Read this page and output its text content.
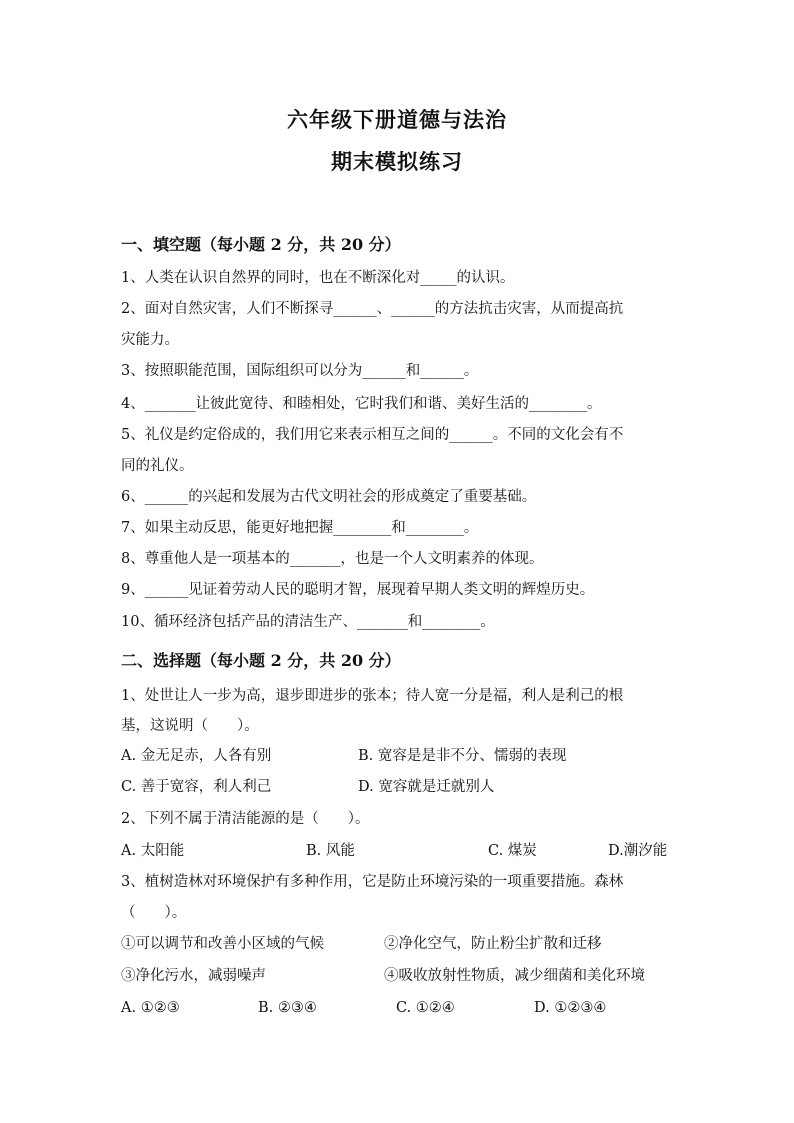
六年级下册道德与法治
期末模拟练习
一、填空题（每小题 2 分，共 20 分）
1、人类在认识自然界的同时，也在不断深化对_____的认识。
2、面对自然灾害，人们不断探寻______、______的方法抗击灾害，从而提高抗
灾能力。
3、按照职能范围，国际组织可以分为______和______。
4、_______让彼此宽待、和睦相处，它时我们和谐、美好生活的________。
5、礼仪是约定俗成的，我们用它来表示相互之间的______。不同的文化会有不
同的礼仪。
6、______的兴起和发展为古代文明社会的形成奠定了重要基础。
7、如果主动反思，能更好地把握________和________。
8、尊重他人是一项基本的_______，也是一个人文明素养的体现。
9、______见证着劳动人民的聪明才智，展现着早期人类文明的辉煌历史。
10、循环经济包括产品的清洁生产、_______和________。
二、选择题（每小题 2 分，共 20 分）
1、处世让人一步为高，退步即进步的张本；待人宽一分是福，利人是利己的根
基，这说明（　　）。
A. 金无足赤，人各有别	B. 宽容是是非不分、懦弱的表现
C. 善于宽容，利人利己	D. 宽容就是迁就别人
2、下列不属于清洁能源的是（　　）。
A. 太阳能	B. 风能	C. 煤炭	D.潮汐能
3、植树造林对环境保护有多种作用，它是防止环境污染的一项重要措施。森林
（　　）。
①可以调节和改善小区域的气候	②净化空气，防止粉尘扩散和迁移
③净化污水，减弱噪声	④吸收放射性物质，减少细菌和美化环境
A. ①②③	B. ②③④	C. ①②④	D. ①②③④
